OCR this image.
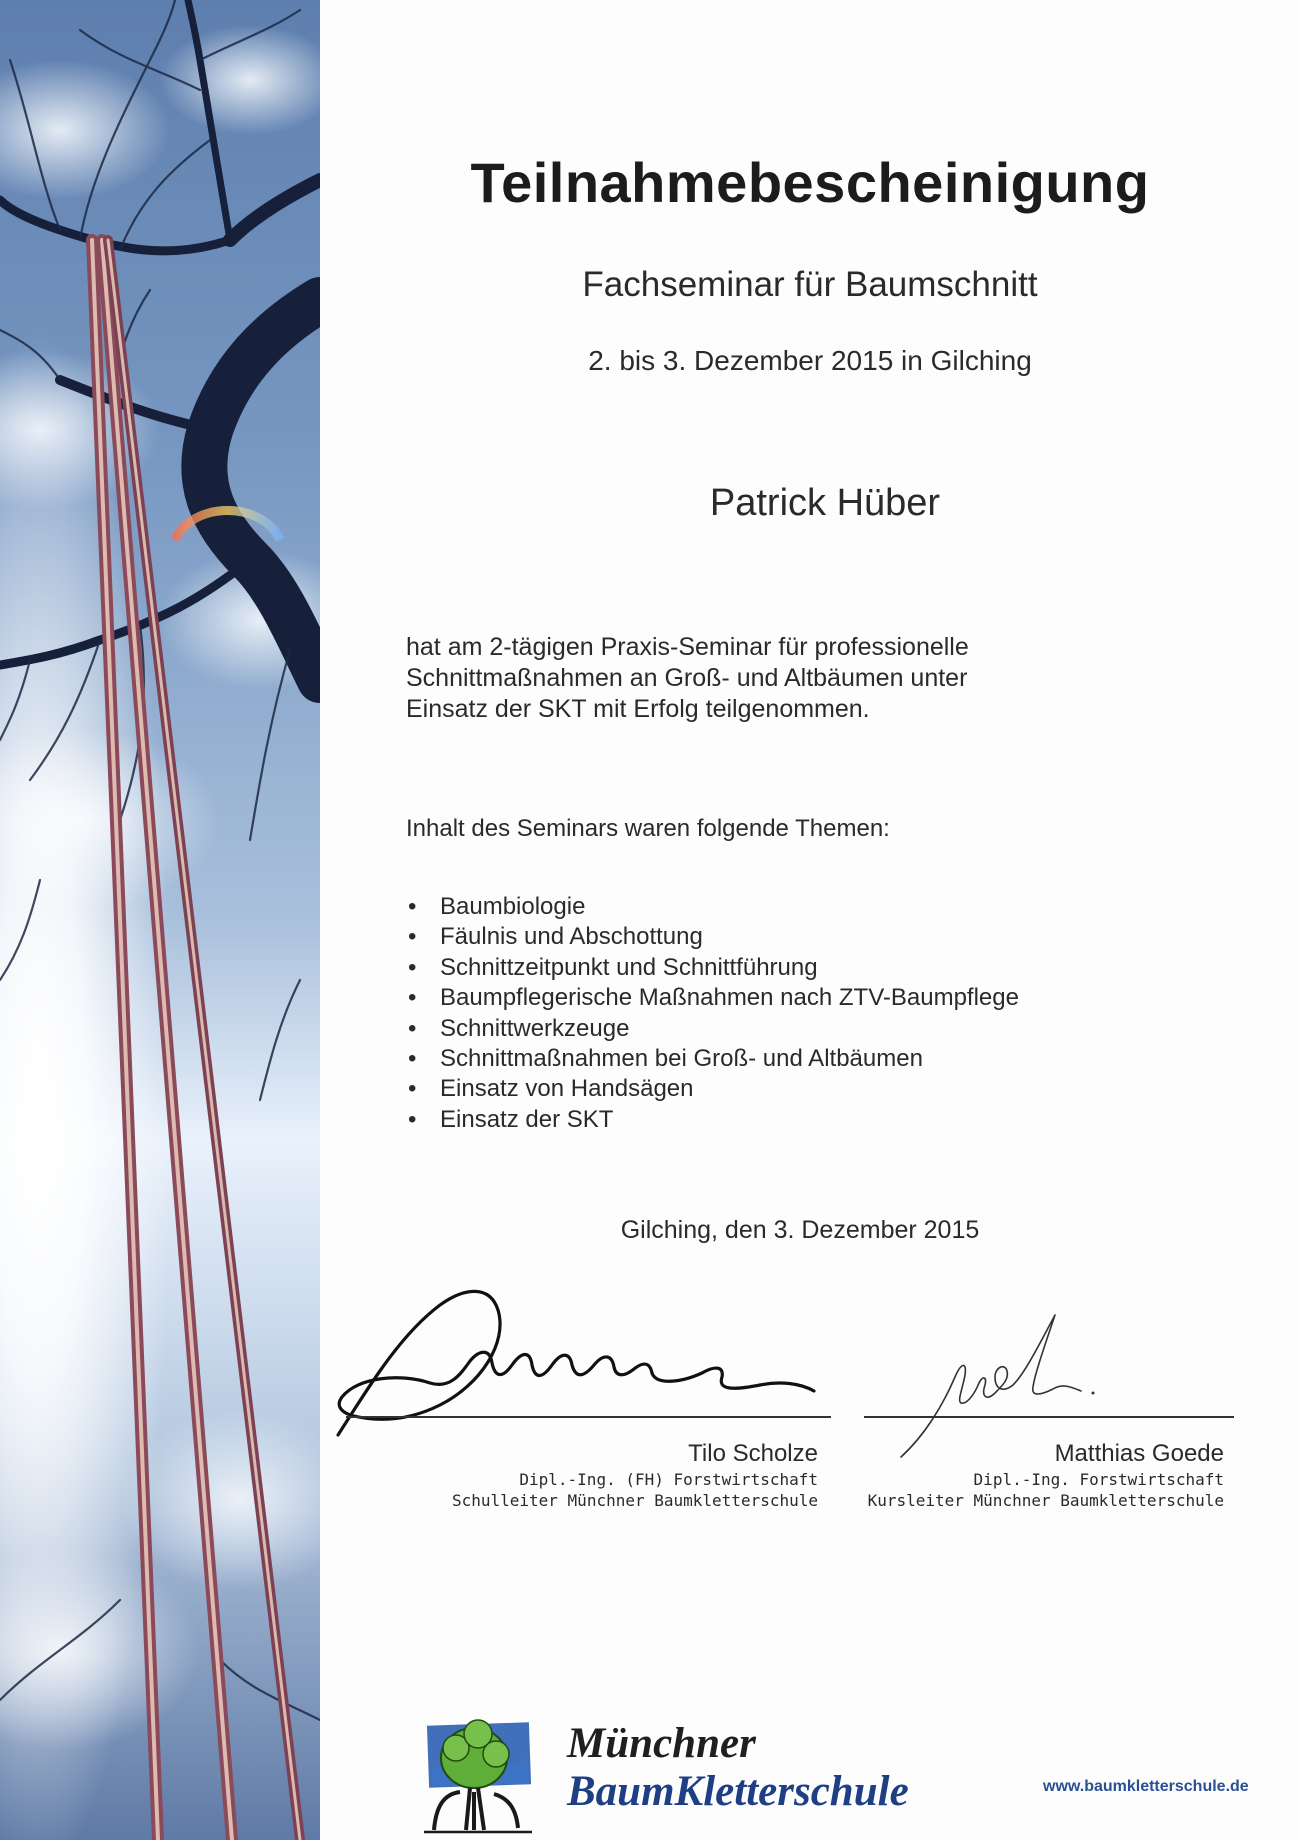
Teilnahmebescheinigung
Fachseminar für Baumschnitt
2. bis 3. Dezember 2015 in Gilching
Patrick Hüber
hat am 2-tägigen Praxis-Seminar für professionelle
Schnittmaßnahmen an Groß- und Altbäumen unter
Einsatz der SKT mit Erfolg teilgenommen.
Inhalt des Seminars waren folgende Themen:
• Baumbiologie
• Fäulnis und Abschottung
• Schnittzeitpunkt und Schnittführung
• Baumpflegerische Maßnahmen nach ZTV-Baumpflege
• Schnittwerkzeuge
• Schnittmaßnahmen bei Groß- und Altbäumen
• Einsatz von Handsägen
• Einsatz der SKT
Gilching, den 3. Dezember 2015
Tilo Scholze
Dipl.-Ing. (FH) Forstwirtschaft
Schulleiter Münchner Baumkletterschule
Matthias Goede
Dipl.-Ing. Forstwirtschaft
Kursleiter Münchner Baumkletterschule
Münchner
BaumKletterschule	www.baumkletterschule.de
